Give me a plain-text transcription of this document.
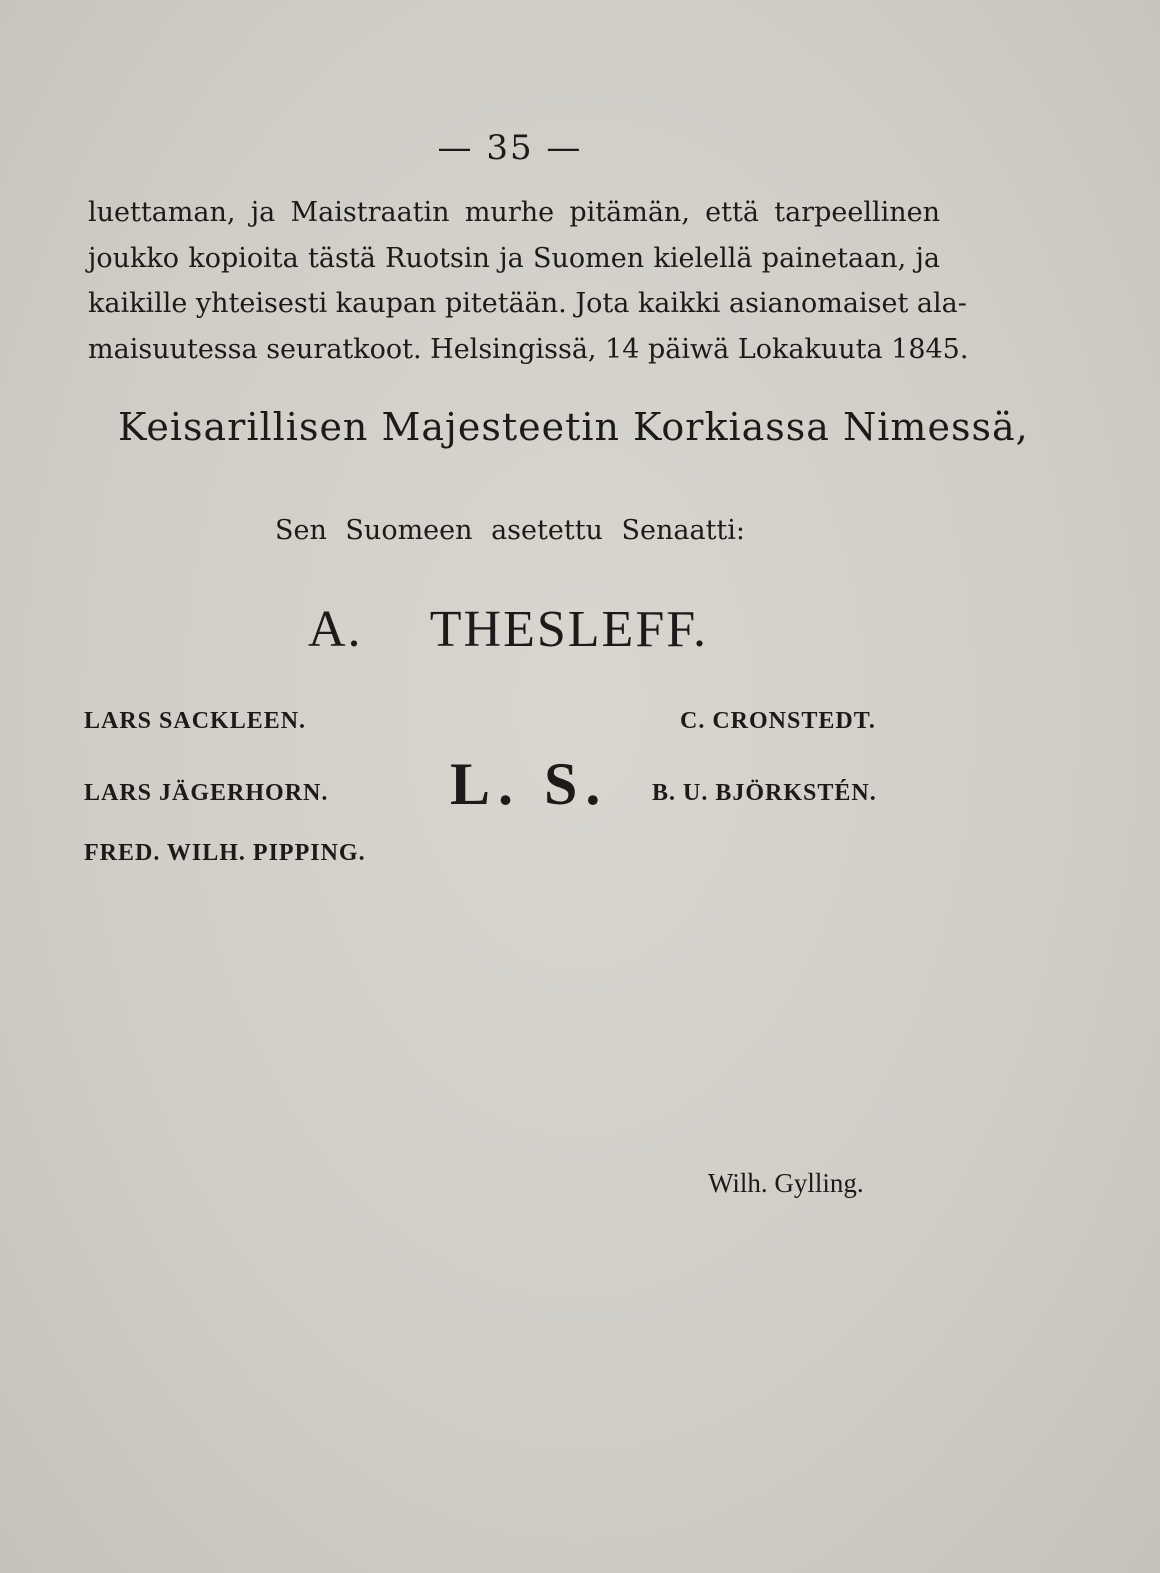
— 35 —
luettaman, ja Maistraatin murhe pitämän, että tarpeellinen
joukko kopioita tästä Ruotsin ja Suomen kielellä painetaan, ja
kaikille yhteisesti kaupan pitetään. Jota kaikki asianomaiset ala-
maisuutessa seuratkoot. Helsingissä, 14 päiwä Lokakuuta 1845.
Keisarillisen Majesteetin Korkiassa Nimessä,
Sen Suomeen asetettu Senaatti:
A. THESLEFF.
LARS SACKLEEN.	C. CRONSTEDT.
LARS JÄGERHORN. L. S. B. U. BJÖRKSTÉN.
FRED. WILH. PIPPING.
Wilh. Gylling.
